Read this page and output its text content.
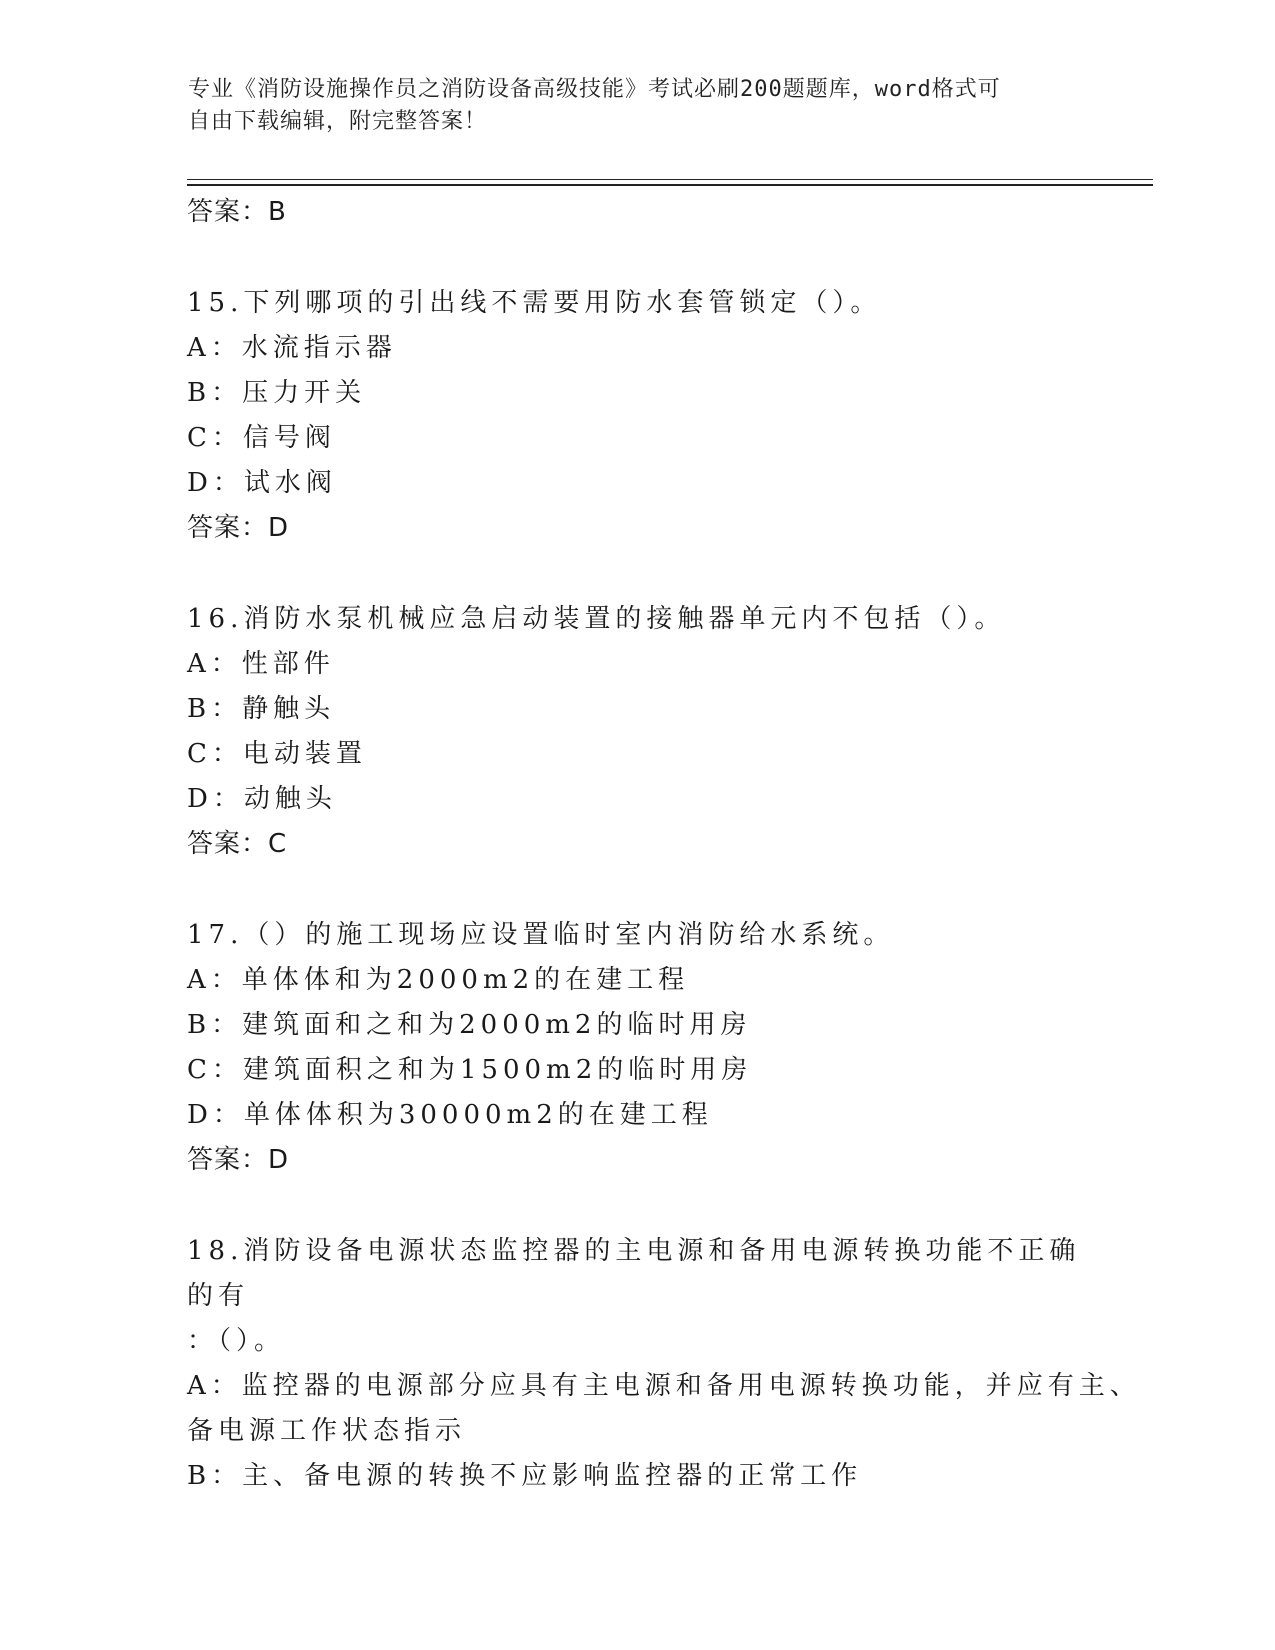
专业《消防设施操作员之消防设备高级技能》考试必刷200题题库，word格式可
自由下载编辑，附完整答案！
答案：B
15.下列哪项的引出线不需要用防水套管锁定（）。
A：水流指示器
B：压力开关
C：信号阀
D：试水阀
答案：D
16.消防水泵机械应急启动装置的接触器单元内不包括（）。
A：性部件
B：静触头
C：电动装置
D：动触头
答案：C
17.（）的施工现场应设置临时室内消防给水系统。
A：单体体和为2000m2的在建工程
B：建筑面和之和为2000m2的临时用房
C：建筑面积之和为1500m2的临时用房
D：单体体积为30000m2的在建工程
答案：D
18.消防设备电源状态监控器的主电源和备用电源转换功能不正确的有
：（）。
A：监控器的电源部分应具有主电源和备用电源转换功能，并应有主、
备电源工作状态指示
B：主、备电源的转换不应影响监控器的正常工作
